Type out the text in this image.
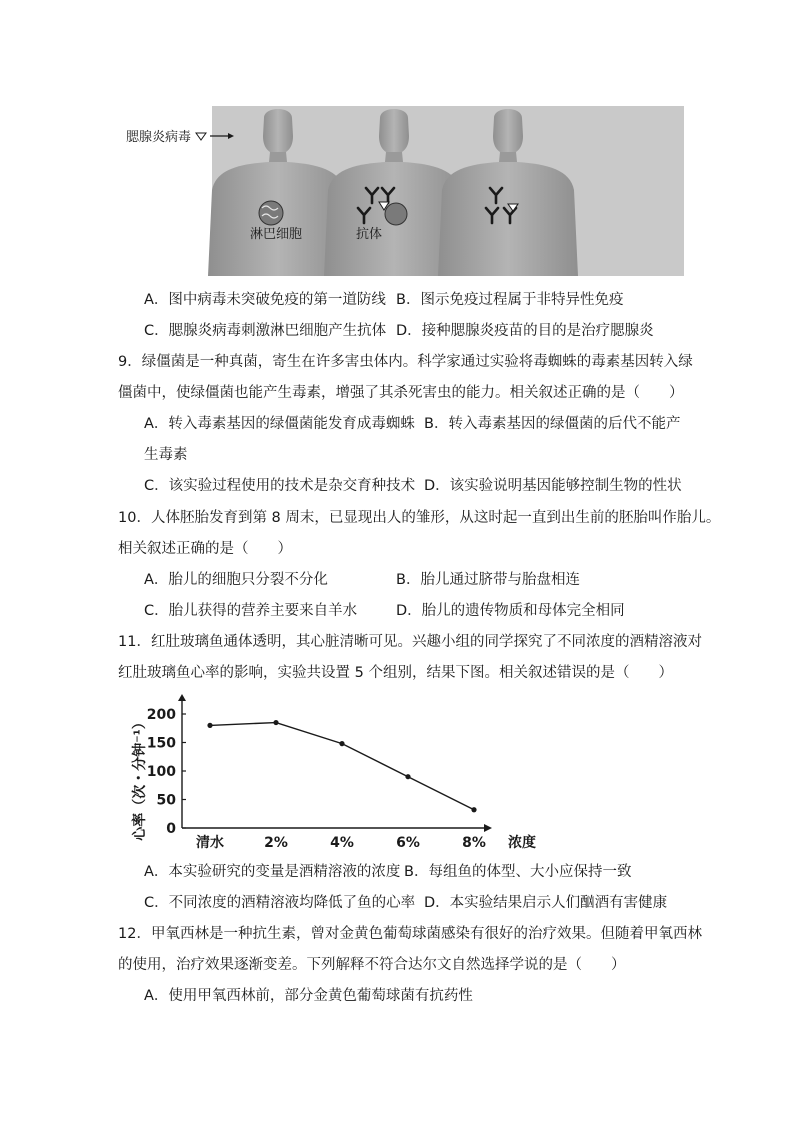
腮腺炎病毒
淋巴细胞	抗体
A．图中病毒未突破免疫的第一道防线 B．图示免疫过程属于非特异性免疫
C．腮腺炎病毒刺激淋巴细胞产生抗体 D．接种腮腺炎疫苗的目的是治疗腮腺炎
9．绿僵菌是一种真菌，寄生在许多害虫体内。科学家通过实验将毒蜘蛛的毒素基因转入绿
僵菌中，使绿僵菌也能产生毒素，增强了其杀死害虫的能力。相关叙述正确的是（　　）
A．转入毒素基因的绿僵菌能发育成毒蜘蛛 B．转入毒素基因的绿僵菌的后代不能产
生毒素
C．该实验过程使用的技术是杂交育种技术 D．该实验说明基因能够控制生物的性状
10．人体胚胎发育到第 8 周末，已显现出人的雏形，从这时起一直到出生前的胚胎叫作胎儿。
相关叙述正确的是（　　）
A．胎儿的细胞只分裂不分化	B．胎儿通过脐带与胎盘相连
C．胎儿获得的营养主要来自羊水	D．胎儿的遗传物质和母体完全相同
11．红肚玻璃鱼通体透明，其心脏清晰可见。兴趣小组的同学探究了不同浓度的酒精溶液对
红肚玻璃鱼心率的影响，实验共设置 5 个组别，结果下图。相关叙述错误的是（　　）
心率（次・分钟⁻¹） 0
50
100
150
200
清水	2%	4%	6%	8% 浓度
A．本实验研究的变量是酒精溶液的浓度 B．每组鱼的体型、大小应保持一致
C．不同浓度的酒精溶液均降低了鱼的心率 D．本实验结果启示人们酗酒有害健康
12．甲氧西林是一种抗生素，曾对金黄色葡萄球菌感染有很好的治疗效果。但随着甲氧西林
的使用，治疗效果逐渐变差。下列解释不符合达尔文自然选择学说的是（　　）
A．使用甲氧西林前，部分金黄色葡萄球菌有抗药性
